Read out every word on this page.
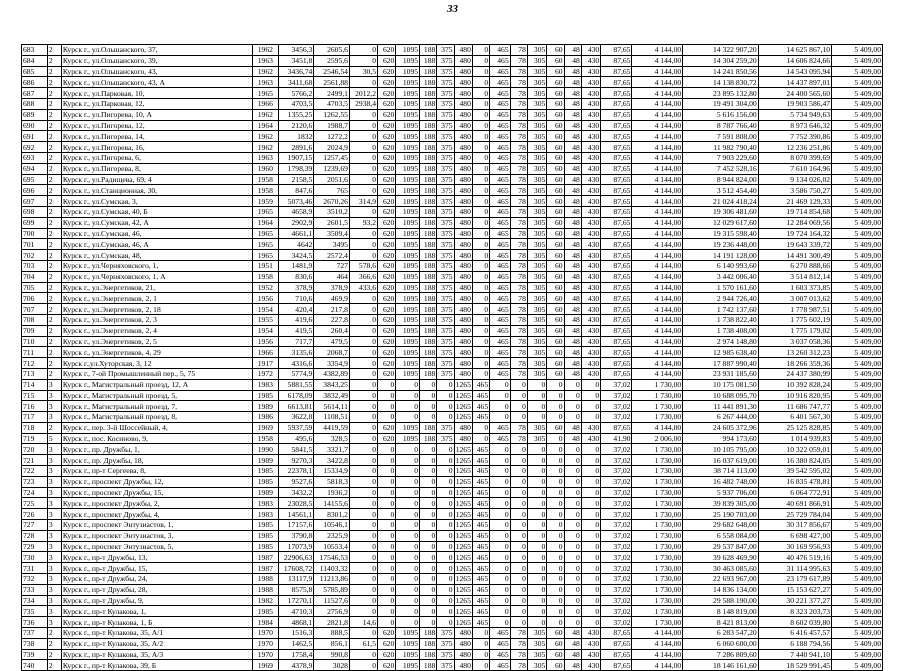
33
683	2	Курск г., ул.Ольшанского, 37,	1962	3456,3	2605,6	0	620	1095	188	375	480	0	465	78	305	60	48	430	87,65	4 144,00	14 322 907,20	14 625 867,10	5 409,00
684	2	Курск г., ул.Ольшанского, 39,	1963	3451,8	2595,6	0	620	1095	188	375	480	0	465	78	305	60	48	430	87,65	4 144,00	14 304 259,20	14 606 824,66	5 409,00
685	2	Курск г., ул.Ольшанского, 43,	1962	3436,74	2546,54	30,5	620	1095	188	375	480	0	465	78	305	60	48	430	87,65	4 144,00	14 241 850,56	14 543 095,94	5 409,00
686	2	Курск г., ул.Ольшанского, 43, А	1963	3411,68	2561,88	0	620	1095	188	375	480	0	465	78	305	60	48	430	87,65	4 144,00	14 138 830,72	14 437 897,01	5 409,00
687	2	Курск г., ул.Парковая, 10,	1965	5766,2	2499,1	2012,2	620	1095	188	375	480	0	465	78	305	60	48	430	87,65	4 144,00	23 895 132,80	24 400 565,60	5 409,00
688	2	Курск г., ул.Парковая, 12,	1966	4703,5	4703,5	2938,4	620	1095	188	375	480	0	465	78	305	60	48	430	87,65	4 144,00	19 491 304,00	19 903 586,47	5 409,00
689	2	Курск г., ул.Пигорева, 10, А	1962	1355,25	1262,55	0	620	1095	188	375	480	0	465	78	305	60	48	430	87,65	4 144,00	5 616 156,00	5 734 949,63	5 409,00
690	2	Курск г., ул.Пигорева, 12,	1964	2120,6	1988,7	0	620	1095	188	375	480	0	465	78	305	60	48	430	87,65	4 144,00	8 787 766,40	8 973 646,32	5 409,00
691	2	Курск г., ул.Пигорева, 14,	1962	1832	1272,2	0	620	1095	188	375	480	0	465	78	305	60	48	430	87,65	4 144,00	7 591 808,00	7 752 390,86	5 409,00
692	2	Курск г., ул.Пигорева, 16,	1962	2891,6	2024,9	0	620	1095	188	375	480	0	465	78	305	60	48	430	87,65	4 144,00	11 982 790,40	12 236 251,86	5 409,00
693	2	Курск г., ул.Пигорева, 6,	1963	1907,15	1257,45	0	620	1095	188	375	480	0	465	78	305	60	48	430	87,65	4 144,00	7 903 229,60	8 070 399,69	5 409,00
694	2	Курск г., ул.Пигорева, 8,	1960	1798,39	1239,69	0	620	1095	188	375	480	0	465	78	305	60	48	430	87,65	4 144,00	7 452 528,16	7 610 164,96	5 409,00
695	2	Курск г., ул.Радищева, 69, 4	1958	2158,5	2051,6	0	620	1095	188	375	480	0	465	78	305	60	48	430	87,65	4 144,00	8 944 824,00	9 134 026,02	5 409,00
696	2	Курск г., ул.Станционная, 30,	1958	847,6	765	0	620	1095	188	375	480	0	465	78	305	60	48	430	87,65	4 144,00	3 512 454,40	3 586 750,27	5 409,00
697	2	Курск г., ул.Сумская, 3,	1959	5073,46	2670,26	314,9	620	1095	188	375	480	0	465	78	305	60	48	430	87,65	4 144,00	21 024 418,24	21 469 129,33	5 409,00
698	2	Курск г., ул.Сумская, 40, Б	1965	4658,9	3510,2	0	620	1095	188	375	480	0	465	78	305	60	48	430	87,65	4 144,00	19 306 481,60	19 714 854,68	5 409,00
699	2	Курск г., ул.Сумская, 42, А	1964	2902,9	2601,5	93,2	620	1095	188	375	480	0	465	78	305	60	48	430	87,65	4 144,00	12 029 617,60	12 284 069,56	5 409,00
700	2	Курск г., ул.Сумская, 46,	1965	4661,1	3509,4	0	620	1095	188	375	480	0	465	78	305	60	48	430	87,65	4 144,00	19 315 598,40	19 724 164,32	5 409,00
701	2	Курск г., ул.Сумская, 46, А	1965	4642	3495	0	620	1095	188	375	480	0	465	78	305	60	48	430	87,65	4 144,00	19 236 448,00	19 643 339,72	5 409,00
702	2	Курск г., ул.Сумская, 48,	1965	3424,5	2572,4	0	620	1095	188	375	480	0	465	78	305	60	48	430	87,65	4 144,00	14 191 128,00	14 491 300,49	5 409,00
703	2	Курск г., ул.Черняховского, 1,	1951	1481,9	727	578,6	620	1095	188	375	480	0	465	78	305	60	48	430	87,65	4 144,00	6 140 993,60	6 270 888,66	5 409,00
704	2	Курск г., ул.Черняховского, 1, А	1958	830,6	464	366,6	620	1095	188	375	480	0	465	78	305	60	48	430	87,65	4 144,00	3 442 006,40	3 514 812,14	5 409,00
705	2	Курск г., ул.Энергетиков, 21,	1952	378,9	378,9	433,6	620	1095	188	375	480	0	465	78	305	60	48	430	87,65	4 144,00	1 570 161,60	1 603 373,85	5 409,00
706	2	Курск г., ул.Энергетиков, 2, 1	1956	710,6	469,9	0	620	1095	188	375	480	0	465	78	305	60	48	430	87,65	4 144,00	2 944 726,40	3 007 013,62	5 409,00
707	2	Курск г., ул.Энергетиков, 2, 18	1954	420,4	217,8	0	620	1095	188	375	480	0	465	78	305	60	48	430	87,65	4 144,00	1 742 137,60	1 778 987,51	5 409,00
708	2	Курск г., ул.Энергетиков, 2, 3	1955	419,6	227,8	0	620	1095	188	375	480	0	465	78	305	60	48	430	87,65	4 144,00	1 738 822,40	1 775 602,19	5 409,00
709	2	Курск г., ул.Энергетиков, 2, 4	1954	419,5	260,4	0	620	1095	188	375	480	0	465	78	305	60	48	430	87,65	4 144,00	1 738 408,00	1 775 179,02	5 409,00
710	2	Курск г., ул.Энергетиков, 2, 5	1956	717,7	479,5	0	620	1095	188	375	480	0	465	78	305	60	48	430	87,65	4 144,00	2 974 148,80	3 037 058,36	5 409,00
711	2	Курск г., ул.Энергетиков, 4, 29	1966	3135,6	2068,7	0	620	1095	188	375	480	0	465	78	305	60	48	430	87,65	4 144,00	12 985 638,40	13 260 312,23	5 409,00
712	2	Курск г.,ул.Хуторская, 3, 12	1917	4316,6	3354,9	0	620	1095	188	375	480	0	465	78	305	60	48	430	87,65	4 144,00	17 887 990,40	18 266 359,36	5 409,00
713	2	Курск г., 7-ой Промышленный пер., 5, 75	1972	5774,9	4382,89	0	620	1095	188	375	480	0	465	78	305	60	48	430	87,65	4 144,00	23 931 185,60	24 437 380,99	5 409,00
714	3	Курск г., Магистральный проезд, 12, А	1983	5881,55	3843,25	0	0	0	0	0	1265	465	0	0	0	0	0	0	37,02	1 730,00	10 175 081,50	10 392 828,24	5 409,00
715	3	Курск г., Магистральный проезд, 5,	1985	6178,09	3832,49	0	0	0	0	0	1265	465	0	0	0	0	0	0	37,02	1 730,00	10 688 095,70	10 916 820,95	5 409,00
716	3	Курск г., Магистральный проезд, 7,	1989	6613,81	5614,11	0	0	0	0	0	1265	465	0	0	0	0	0	0	37,02	1 730,00	11 441 891,30	11 686 747,77	5 409,00
717	3	Курск г., Магистральный проезд, 8,	1986	3622,8	1108,51	0	0	0	0	0	1265	465	0	0	0	0	0	0	37,02	1 730,00	6 267 444,00	6 401 567,30	5 409,00
718	2	Курск г., пер. 3-й Шоссейный, 4,	1969	5937,59	4419,59	0	620	1095	188	375	480	0	465	78	305	60	48	430	87,65	4 144,00	24 605 372,96	25 125 828,85	5 409,00
719	5	Курск г., пос. Косиново, 9,	1958	495,6	328,5	0	620	1095	188	375	480	0	465	78	305	0	48	430	41,90	2 006,00	994 173,60	1 014 939,83	5 409,00
720	3	Курск г., пр. Дружбы, 1,	1990	5841,5	3321,7	0	0	0	0	0	1265	465	0	0	0	0	0	0	37,02	1 730,00	10 105 795,00	10 322 059,01	5 409,00
721	3	Курск г., пр. Дружбы, 18,	1989	9270,3	3422,8	0	0	0	0	0	1265	465	0	0	0	0	0	0	37,02	1 730,00	16 037 619,00	16 380 824,05	5 409,00
722	3	Курск г., пр-т Сергеева, 8,	1985	22378,1	15334,9	0	0	0	0	0	1265	465	0	0	0	0	0	0	37,02	1 730,00	38 714 113,00	39 542 595,02	5 409,00
723	3	Курск г., проспект Дружбы, 12,	1985	9527,6	5818,3	0	0	0	0	0	1265	465	0	0	0	0	0	0	37,02	1 730,00	16 482 748,00	16 835 478,81	5 409,00
724	3	Курск г., проспект Дружбы, 15,	1989	3432,2	1936,2	0	0	0	0	0	1265	465	0	0	0	0	0	0	37,02	1 730,00	5 937 706,00	6 064 772,91	5 409,00
725	3	Курск г., проспект Дружбы, 2,	1983	23028,5	14155,6	0	0	0	0	0	1265	465	0	0	0	0	0	0	37,02	1 730,00	39 839 305,00	40 691 866,91	5 409,00
726	3	Курск г., проспект Дружбы, 4,	1983	14561,1	8301,2	0	0	0	0	0	1265	465	0	0	0	0	0	0	37,02	1 730,00	25 190 703,00	25 729 784,04	5 409,00
727	3	Курск г., проспект Энтузиастов, 1,	1985	17157,6	10546,1	0	0	0	0	0	1265	465	0	0	0	0	0	0	37,02	1 730,00	29 682 648,00	30 317 856,67	5 409,00
728	3	Курск г., проспект Энтузиастов, 3,	1985	3790,8	2325,9	0	0	0	0	0	1265	465	0	0	0	0	0	0	37,02	1 730,00	6 558 084,00	6 698 427,00	5 409,00
729	3	Курск г., проспект Энтузиастов, 5,	1985	17073,9	10553,4	0	0	0	0	0	1265	465	0	0	0	0	0	0	37,02	1 730,00	29 537 847,00	30 169 956,93	5 409,00
730	3	Курск г., пр-т Дружбы, 13,	1987	22906,63	17546,53	0	0	0	0	0	1265	465	0	0	0	0	0	0	37,02	1 730,00	39 628 469,90	40 476 519,16	5 409,00
731	3	Курск г., пр-т Дружбы, 15,	1987	17608,72	11403,32	0	0	0	0	0	1265	465	0	0	0	0	0	0	37,02	1 730,00	30 463 085,60	31 114 995,63	5 409,00
732	3	Курск г., пр-т Дружбы, 24,	1988	13117,9	11213,86	0	0	0	0	0	1265	465	0	0	0	0	0	0	37,02	1 730,00	22 693 967,00	23 179 617,89	5 409,00
733	3	Курск г., пр-т Дружбы, 28,	1988	8575,8	5785,89	0	0	0	0	0	1265	465	0	0	0	0	0	0	37,02	1 730,00	14 836 134,00	15 153 627,27	5 409,00
734	3	Курск г., пр-т Дружбы, 9,	1982	17270,1	11527,6	0	0	0	0	0	1265	465	0	0	0	0	0	0	37,02	1 730,00	29 588 190,00	30 221 377,27	5 409,00
735	3	Курск г., пр-т Кулакова, 1,	1985	4710,3	2756,9	0	0	0	0	0	1265	465	0	0	0	0	0	0	37,02	1 730,00	8 148 819,00	8 323 203,73	5 409,00
736	3	Курск г., пр-т Кулакова, 1, Б	1984	4868,1	2821,8	14,6	0	0	0	0	1265	465	0	0	0	0	0	0	37,02	1 730,00	8 421 813,00	8 602 039,80	5 409,00
737	2	Курск г., пр-т Кулакова, 35, А/1	1970	1516,3	888,5	0	620	1095	188	375	480	0	465	78	305	60	48	430	87,65	4 144,00	6 283 547,20	6 416 457,57	5 409,00
738	2	Курск г., пр-т Кулакова, 35, А/2	1970	1462,5	856,1	61,5	620	1095	188	375	480	0	465	78	305	60	48	430	87,65	4 144,00	6 060 600,00	6 188 794,56	5 409,00
739	2	Курск г., пр-т Кулакова, 35, А/3	1970	1758,4	990,8	0	620	1095	188	375	480	0	465	78	305	60	48	430	87,65	4 144,00	7 286 809,60	7 440 941,10	5 409,00
740	2	Курск г., пр-т Кулакова, 39, Б	1969	4378,9	3028	0	620	1095	188	375	480	0	465	78	305	60	48	430	87,65	4 144,00	18 146 161,60	18 529 991,45	5 409,00
